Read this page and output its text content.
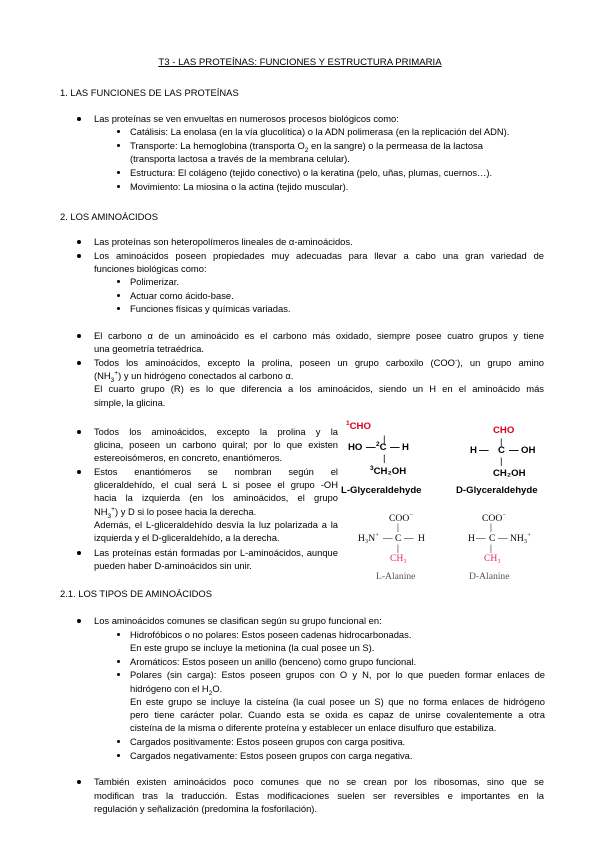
T3 - LAS PROTEÍNAS: FUNCIONES Y ESTRUCTURA PRIMARIA
1. LAS FUNCIONES DE LAS PROTEÍNAS
Las proteínas se ven envueltas en numerosos procesos biológicos como:
Catálisis: La enolasa (en la vía glucolítica) o la ADN polimerasa (en la replicación del ADN).
Transporte: La hemoglobina (transporta $O_2$ en la sangre) o la permeasa de la lactosa
(transporta lactosa a través de la membrana celular).
Estructura: El colágeno (tejido conectivo) o la keratina (pelo, uñas, plumas, cuernos…).
Movimiento: La miosina o la actina (tejido muscular).
2. LOS AMINOÁCIDOS
Las proteínas son heteropolímeros lineales de α-aminoácidos.
Los aminoácidos poseen propiedades muy adecuadas para llevar a cabo una gran variedad de
funciones biológicas como:
Polimerizar.
Actuar como ácido-base.
Funciones físicas y químicas variadas.
El carbono α de un aminoácido es el carbono más oxidado, siempre posee cuatro grupos y tiene
una geometría tetraédrica.
Todos los aminoácidos, excepto la prolina, poseen un grupo carboxilo (COO-), un grupo amino
$(NH_3^+)$ y un hidrógeno conectados al carbono α.
El cuarto grupo (R) es lo que diferencia a los aminoácidos, siendo un H en el aminoácido más
simple, la glicina.
Todos los aminoácidos, excepto la prolina y la
glicina, poseen un carbono quiral; por lo que existen
estereoisómeros, en concreto, enantiómeros.
Estos enantiómeros se nombran según el
gliceraldehído, el cual será L si posee el grupo -OH
hacia la izquierda (en los aminoácidos, el grupo
$NH_3^+$) y D si lo posee hacia la derecha.
Además, el L-gliceraldehído desvía la luz polarizada a la
izquierda y el D-gliceraldehído, a la derecha.
Las proteínas están formadas por L-aminoácidos, aunque
pueden haber D-aminoácidos sin unir.
$^1$CHO
HO — $^2$C — H
|
|
$^3$CH₂OH
L-Glyceraldehyde
CHO
H — C — OH
|
|
CH₂OH
D-Glyceraldehyde
COO−
|
H₃N+ — C — H
|
CH₃
L-Alanine
COO−
|
H — C — NH₃+
|
CH₃
D-Alanine
2.1. LOS TIPOS DE AMINOÁCIDOS
Los aminoácidos comunes se clasifican según su grupo funcional en:
Hidrofóbicos o no polares: Estos poseen cadenas hidrocarbonadas.
En este grupo se incluye la metionina (la cual posee un S).
Aromáticos: Estos poseen un anillo (benceno) como grupo funcional.
Polares (sin carga): Estos poseen grupos con O y N, por lo que pueden formar enlaces de
hidrógeno con el $H_2O$.
En este grupo se incluye la cisteína (la cual posee un S) que no forma enlaces de hidrógeno
pero tiene carácter polar. Cuando esta se oxida es capaz de unirse covalentemente a otra
cisteína de la misma o diferente proteína y establecer un enlace disulfuro que estabiliza.
Cargados positivamente: Estos poseen grupos con carga positiva.
Cargados negativamente: Estos poseen grupos con carga negativa.
También existen aminoácidos poco comunes que no se crean por los ribosomas, sino que se
modifican tras la traducción. Estas modificaciones suelen ser reversibles e importantes en la
regulación y señalización (predomina la fosforilación).
